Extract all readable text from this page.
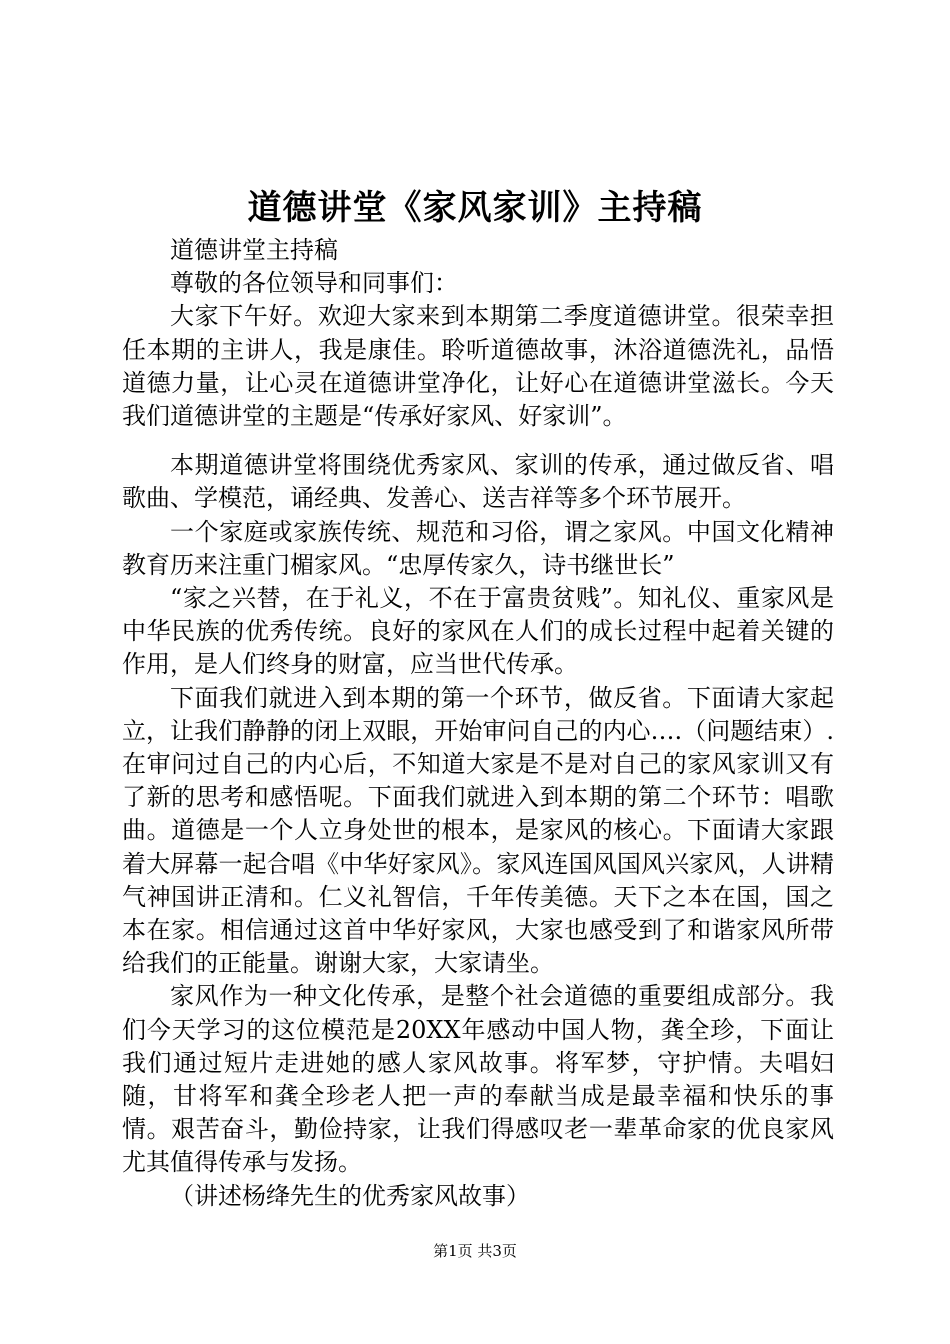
道德讲堂《家风家训》主持稿

道德讲堂主持稿

尊敬的各位领导和同事们：

大家下午好。欢迎大家来到本期第二季度道德讲堂。很荣幸担任本期的主讲人，我是康佳。聆听道德故事，沐浴道德洗礼，品悟道德力量，让心灵在道德讲堂净化，让好心在道德讲堂滋长。今天我们道德讲堂的主题是“传承好家风、好家训”。

本期道德讲堂将围绕优秀家风、家训的传承，通过做反省、唱歌曲、学模范，诵经典、发善心、送吉祥等多个环节展开。

一个家庭或家族传统、规范和习俗，谓之家风。中国文化精神教育历来注重门楣家风。“忠厚传家久，诗书继世长”

“家之兴替，在于礼义，不在于富贵贫贱”。知礼仪、重家风是中华民族的优秀传统。良好的家风在人们的成长过程中起着关键的作用，是人们终身的财富，应当世代传承。

下面我们就进入到本期的第一个环节，做反省。下面请大家起立，让我们静静的闭上双眼，开始审问自己的内心….（问题结束）.在审问过自己的内心后，不知道大家是不是对自己的家风家训又有了新的思考和感悟呢。下面我们就进入到本期的第二个环节：唱歌曲。道德是一个人立身处世的根本，是家风的核心。下面请大家跟着大屏幕一起合唱《中华好家风》。家风连国风国风兴家风，人讲精气神国讲正清和。仁义礼智信，千年传美德。天下之本在国，国之本在家。相信通过这首中华好家风，大家也感受到了和谐家风所带给我们的正能量。谢谢大家，大家请坐。

家风作为一种文化传承，是整个社会道德的重要组成部分。我们今天学习的这位模范是20XX年感动中国人物，龚全珍，下面让我们通过短片走进她的感人家风故事。将军梦，守护情。夫唱妇随，甘将军和龚全珍老人把一声的奉献当成是最幸福和快乐的事情。艰苦奋斗，勤俭持家，让我们得感叹老一辈革命家的优良家风尤其值得传承与发扬。

（讲述杨绛先生的优秀家风故事）

第1页 共3页
